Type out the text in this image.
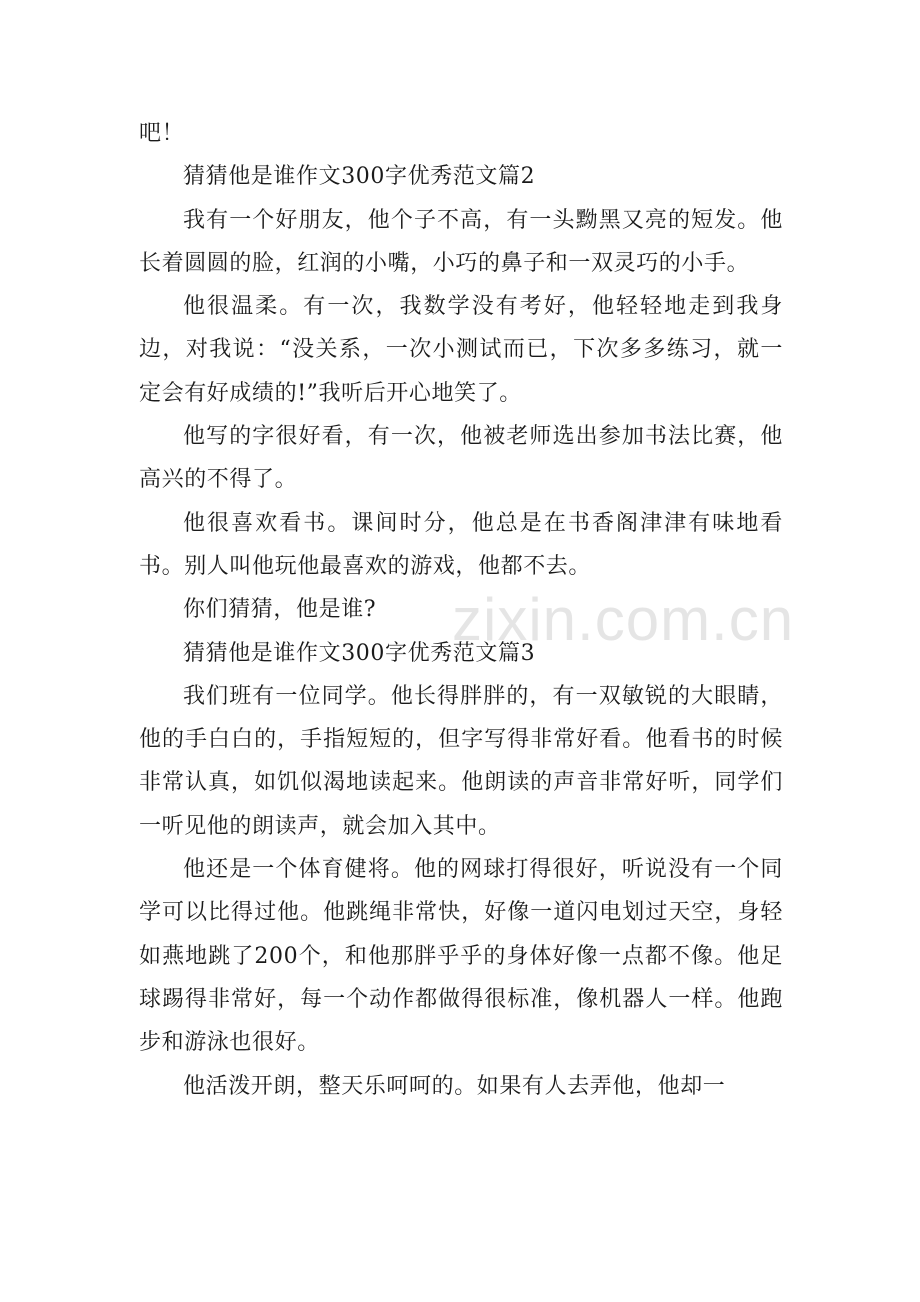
吧！

猜猜他是谁作文300字优秀范文篇2

我有一个好朋友，他个子不高，有一头黝黑又亮的短发。他长着圆圆的脸，红润的小嘴，小巧的鼻子和一双灵巧的小手。

他很温柔。有一次，我数学没有考好，他轻轻地走到我身边，对我说：“没关系，一次小测试而已，下次多多练习，就一定会有好成绩的!”我听后开心地笑了。

他写的字很好看，有一次，他被老师选出参加书法比赛，他高兴的不得了。

他很喜欢看书。课间时分，他总是在书香阁津津有味地看书。别人叫他玩他最喜欢的游戏，他都不去。

你们猜猜，他是谁?

猜猜他是谁作文300字优秀范文篇3

我们班有一位同学。他长得胖胖的，有一双敏锐的大眼睛，他的手白白的，手指短短的，但字写得非常好看。他看书的时候非常认真，如饥似渴地读起来。他朗读的声音非常好听，同学们一听见他的朗读声，就会加入其中。

他还是一个体育健将。他的网球打得很好，听说没有一个同学可以比得过他。他跳绳非常快，好像一道闪电划过天空，身轻如燕地跳了200个，和他那胖乎乎的身体好像一点都不像。他足球踢得非常好，每一个动作都做得很标准，像机器人一样。他跑步和游泳也很好。

他活泼开朗，整天乐呵呵的。如果有人去弄他，他却一

zixin.com.cn
